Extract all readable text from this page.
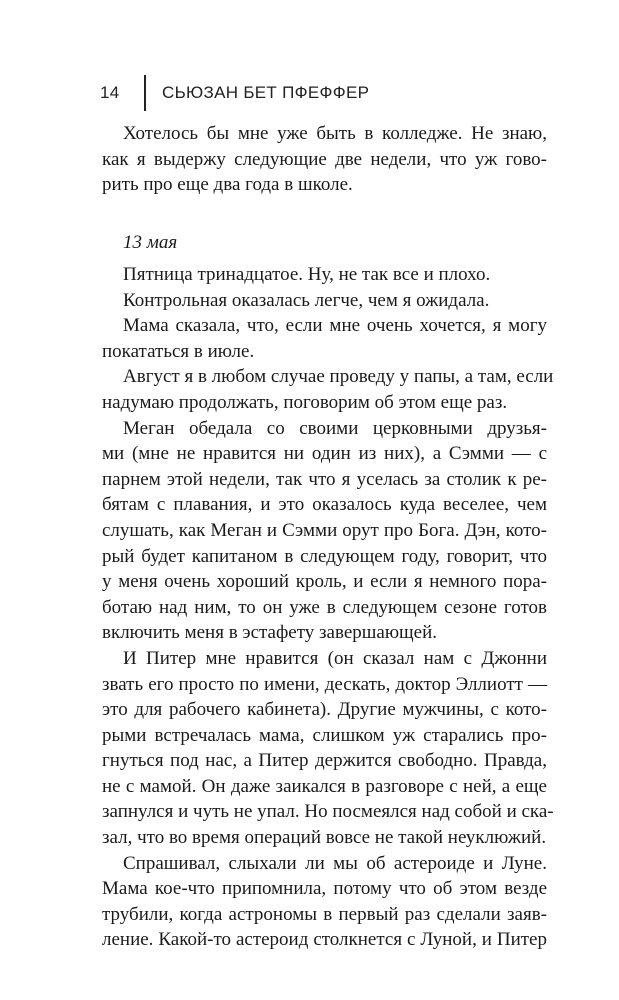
14	СЬЮЗАН БЕТ ПФЕФФЕР
Хотелось бы мне уже быть в колледже. Не знаю,
как я выдержу следующие две недели, что уж гово-
рить про еще два года в школе.
13 мая
Пятница тринадцатое. Ну, не так все и плохо.
Контрольная оказалась легче, чем я ожидала.
Мама сказала, что, если мне очень хочется, я могу
покататься в июле.
Август я в любом случае проведу у папы, а там, если
надумаю продолжать, поговорим об этом еще раз.
Меган обедала со своими церковными друзья-
ми (мне не нравится ни один из них), а Сэмми — с
парнем этой недели, так что я уселась за столик к ре-
бятам с плавания, и это оказалось куда веселее, чем
слушать, как Меган и Сэмми орут про Бога. Дэн, кото-
рый будет капитаном в следующем году, говорит, что
у меня очень хороший кроль, и если я немного пора-
ботаю над ним, то он уже в следующем сезоне готов
включить меня в эстафету завершающей.
И Питер мне нравится (он сказал нам с Джонни
звать его просто по имени, дескать, доктор Эллиотт —
это для рабочего кабинета). Другие мужчины, с кото-
рыми встречалась мама, слишком уж старались про-
гнуться под нас, а Питер держится свободно. Правда,
не с мамой. Он даже заикался в разговоре с ней, а еще
запнулся и чуть не упал. Но посмеялся над собой и ска-
зал, что во время операций вовсе не такой неуклюжий.
Спрашивал, слыхали ли мы об астероиде и Луне.
Мама кое-что припомнила, потому что об этом везде
трубили, когда астрономы в первый раз сделали заяв-
ление. Какой-то астероид столкнется с Луной, и Питер
